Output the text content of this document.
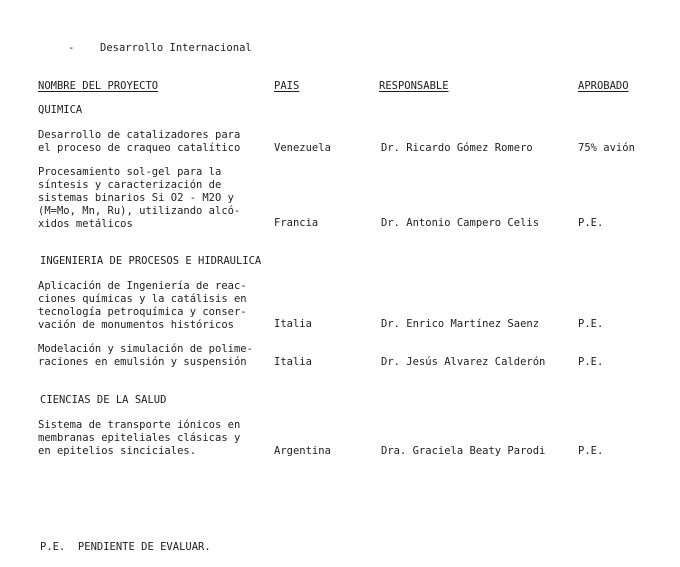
- Desarrollo Internacional
NOMBRE DEL PROYECTO	PAIS	RESPONSABLE	APROBADO
QUIMICA
Desarrollo de catalizadores para
el proceso de craqueo catalítico	Venezuela	Dr. Ricardo Gómez Romero	75% avión
Procesamiento sol-gel para la
síntesis y caracterización de
sistemas binarios Si O2 - M2O y
(M=Mo, Mn, Ru), utilizando alcó-
xidos metálicos	Francia	Dr. Antonio Campero Celis	P.E.
INGENIERIA DE PROCESOS E HIDRAULICA
Aplicación de Ingeniería de reac-
ciones químicas y la catálisis en
tecnología petroquímica y conser-
vación de monumentos históricos	Italia	Dr. Enrico Martínez Saenz	P.E.
Modelación y simulación de polime-
raciones en emulsión y suspensión	Italia	Dr. Jesús Alvarez Calderón	P.E.
CIENCIAS DE LA SALUD
Sistema de transporte iónicos en
membranas epiteliales clásicas y
en epitelios sinciciales.	Argentina	Dra. Graciela Beaty Parodi	P.E.
P.E.  PENDIENTE DE EVALUAR.
